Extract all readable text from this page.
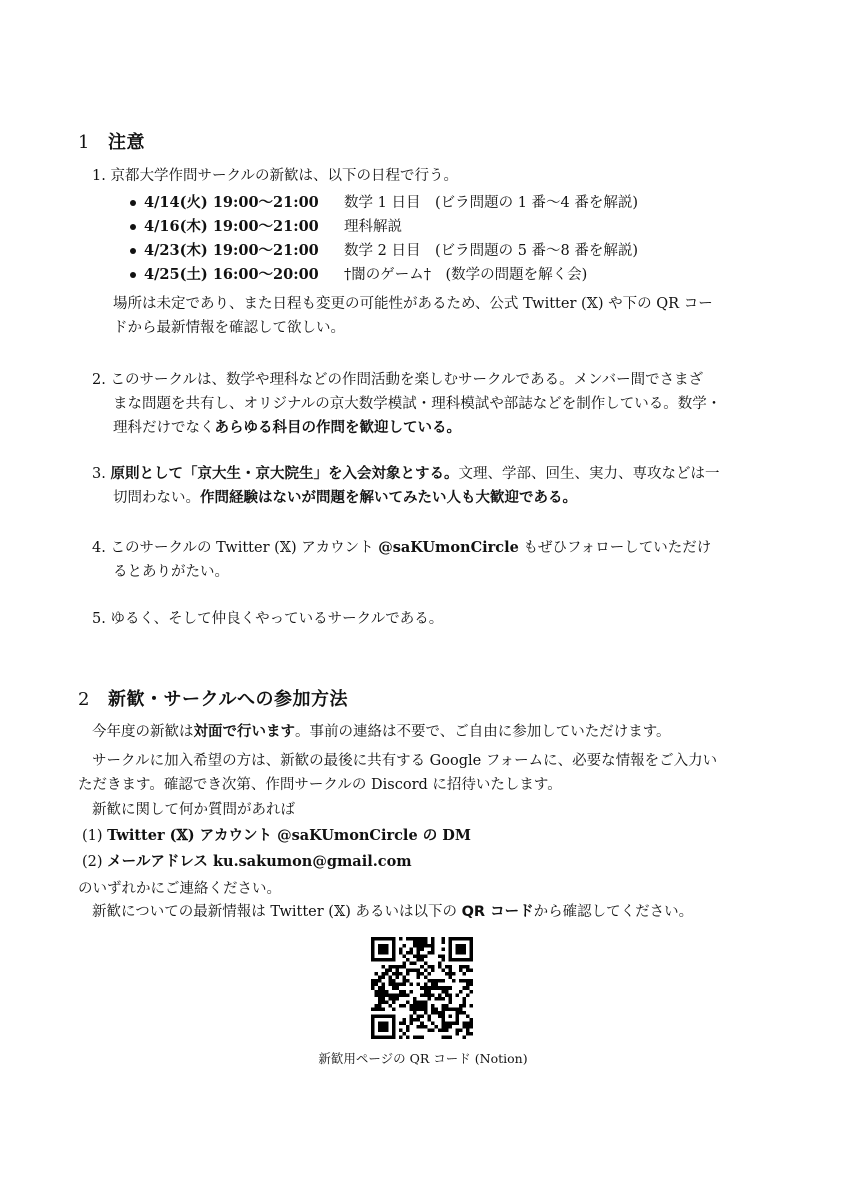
1 注意
1. 京都大学作問サークルの新歓は、以下の日程で行う。
4/14(火) 19:00〜21:00 数学 1 日目　(ビラ問題の 1 番〜4 番を解説)
4/16(木) 19:00〜21:00 理科解説
4/23(木) 19:00〜21:00 数学 2 日目　(ビラ問題の 5 番〜8 番を解説)
4/25(土) 16:00〜20:00 †闇のゲーム†　(数学の問題を解く会)
場所は未定であり、また日程も変更の可能性があるため、公式 Twitter (𝕏) や下の QR コー
ドから最新情報を確認して欲しい。
2. このサークルは、数学や理科などの作問活動を楽しむサークルである。メンバー間でさまざ
まな問題を共有し、オリジナルの京大数学模試・理科模試や部誌などを制作している。数学・
理科だけでなくあらゆる科目の作問を歓迎している。
3. 原則として「京大生・京大院生」を入会対象とする。文理、学部、回生、実力、専攻などは一
切問わない。作問経験はないが問題を解いてみたい人も大歓迎である。
4. このサークルの Twitter (𝕏) アカウント @saKUmonCircle もぜひフォローしていただけ
るとありがたい。
5. ゆるく、そして仲良くやっているサークルである。
2 新歓・サークルへの参加方法
今年度の新歓は対面で行います。事前の連絡は不要で、ご自由に参加していただけます。
サークルに加入希望の方は、新歓の最後に共有する Google フォームに、必要な情報をご入力い
ただきます。確認でき次第、作問サークルの Discord に招待いたします。
新歓に関して何か質問があれば
(1) Twitter (𝕏) アカウント @saKUmonCircle の DM
(2) メールアドレス ku.sakumon@gmail.com
のいずれかにご連絡ください。
新歓についての最新情報は Twitter (𝕏) あるいは以下の QR コードから確認してください。
新歓用ページの QR コード (Notion)
